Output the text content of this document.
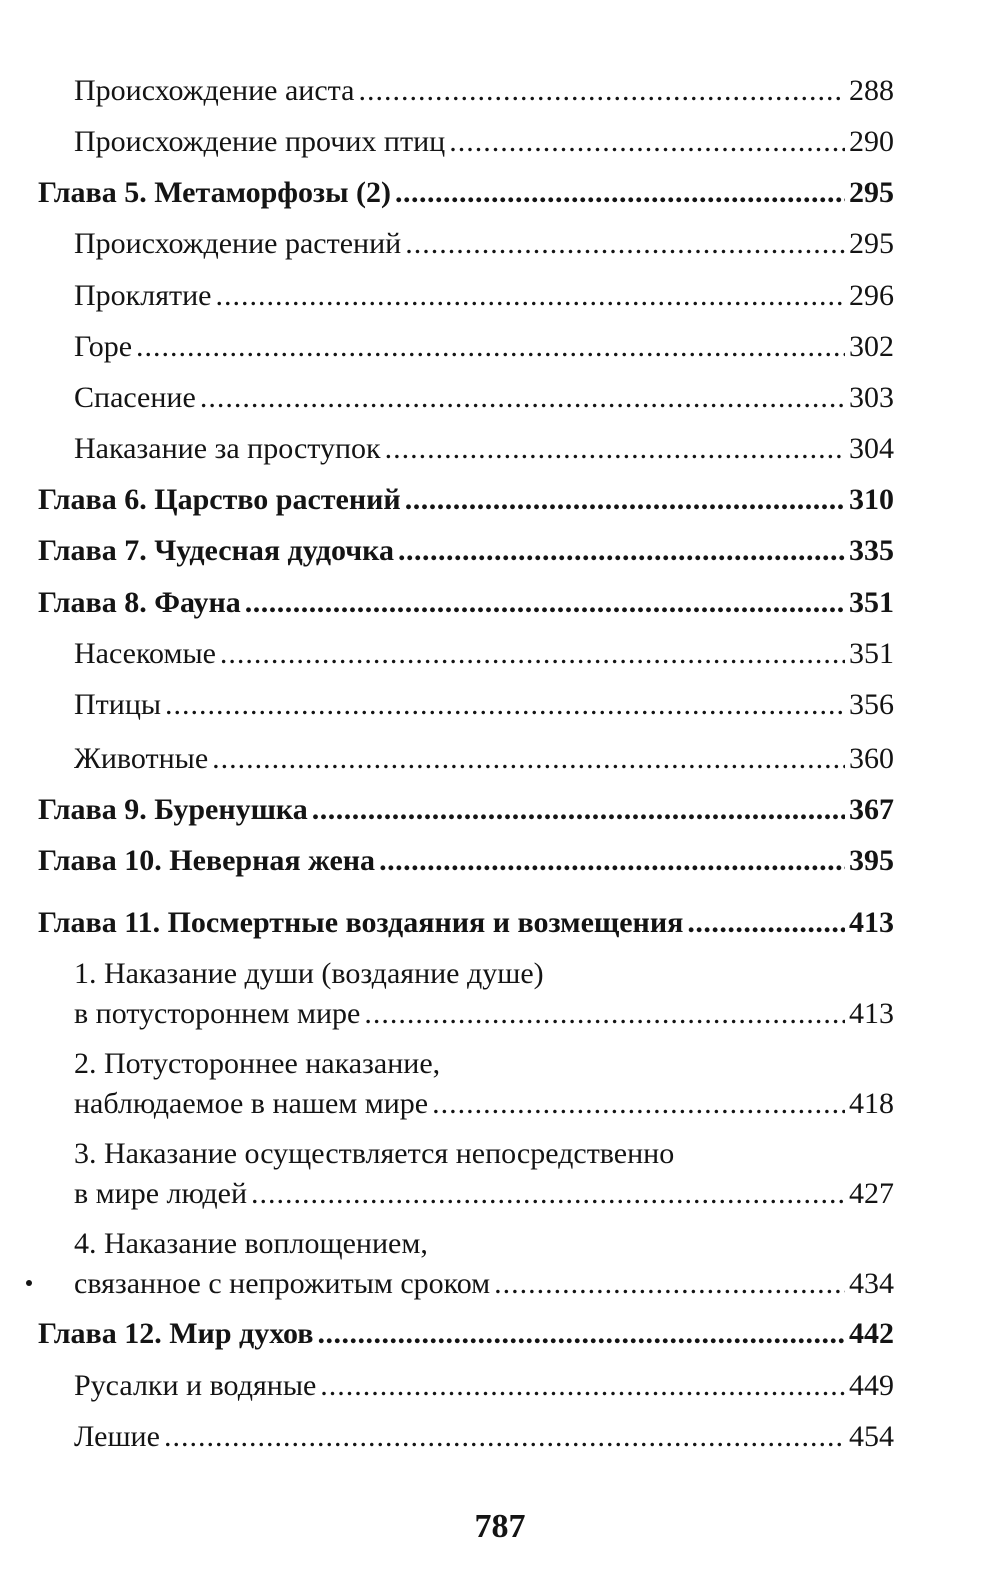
Происхождение аиста .....	288
Происхождение прочих птиц .....	290
Глава 5. Метаморфозы (2) .....	295
Происхождение растений .....	295
Проклятие .....	296
Горе .....	302
Спасение .....	303
Наказание за проступок .....	304
Глава 6. Царство растений .....	310
Глава 7. Чудесная дудочка .....	335
Глава 8. Фауна .....	351
Насекомые .....	351
Птицы .....	356
Животные .....	360
Глава 9. Буренушка .....	367
Глава 10. Неверная жена .....	395
Глава 11. Посмертные воздаяния и возмещения .....	413
1. Наказание души (воздаяние душе)
в потустороннем мире .....	413
2. Потустороннее наказание,
наблюдаемое в нашем мире .....	418
3. Наказание осуществляется непосредственно
в мире людей .....	427
4. Наказание воплощением,
связанное с непрожитым сроком .....	434
Глава 12. Мир духов .....	442
Русалки и водяные .....	449
Лешие .....	454
787
